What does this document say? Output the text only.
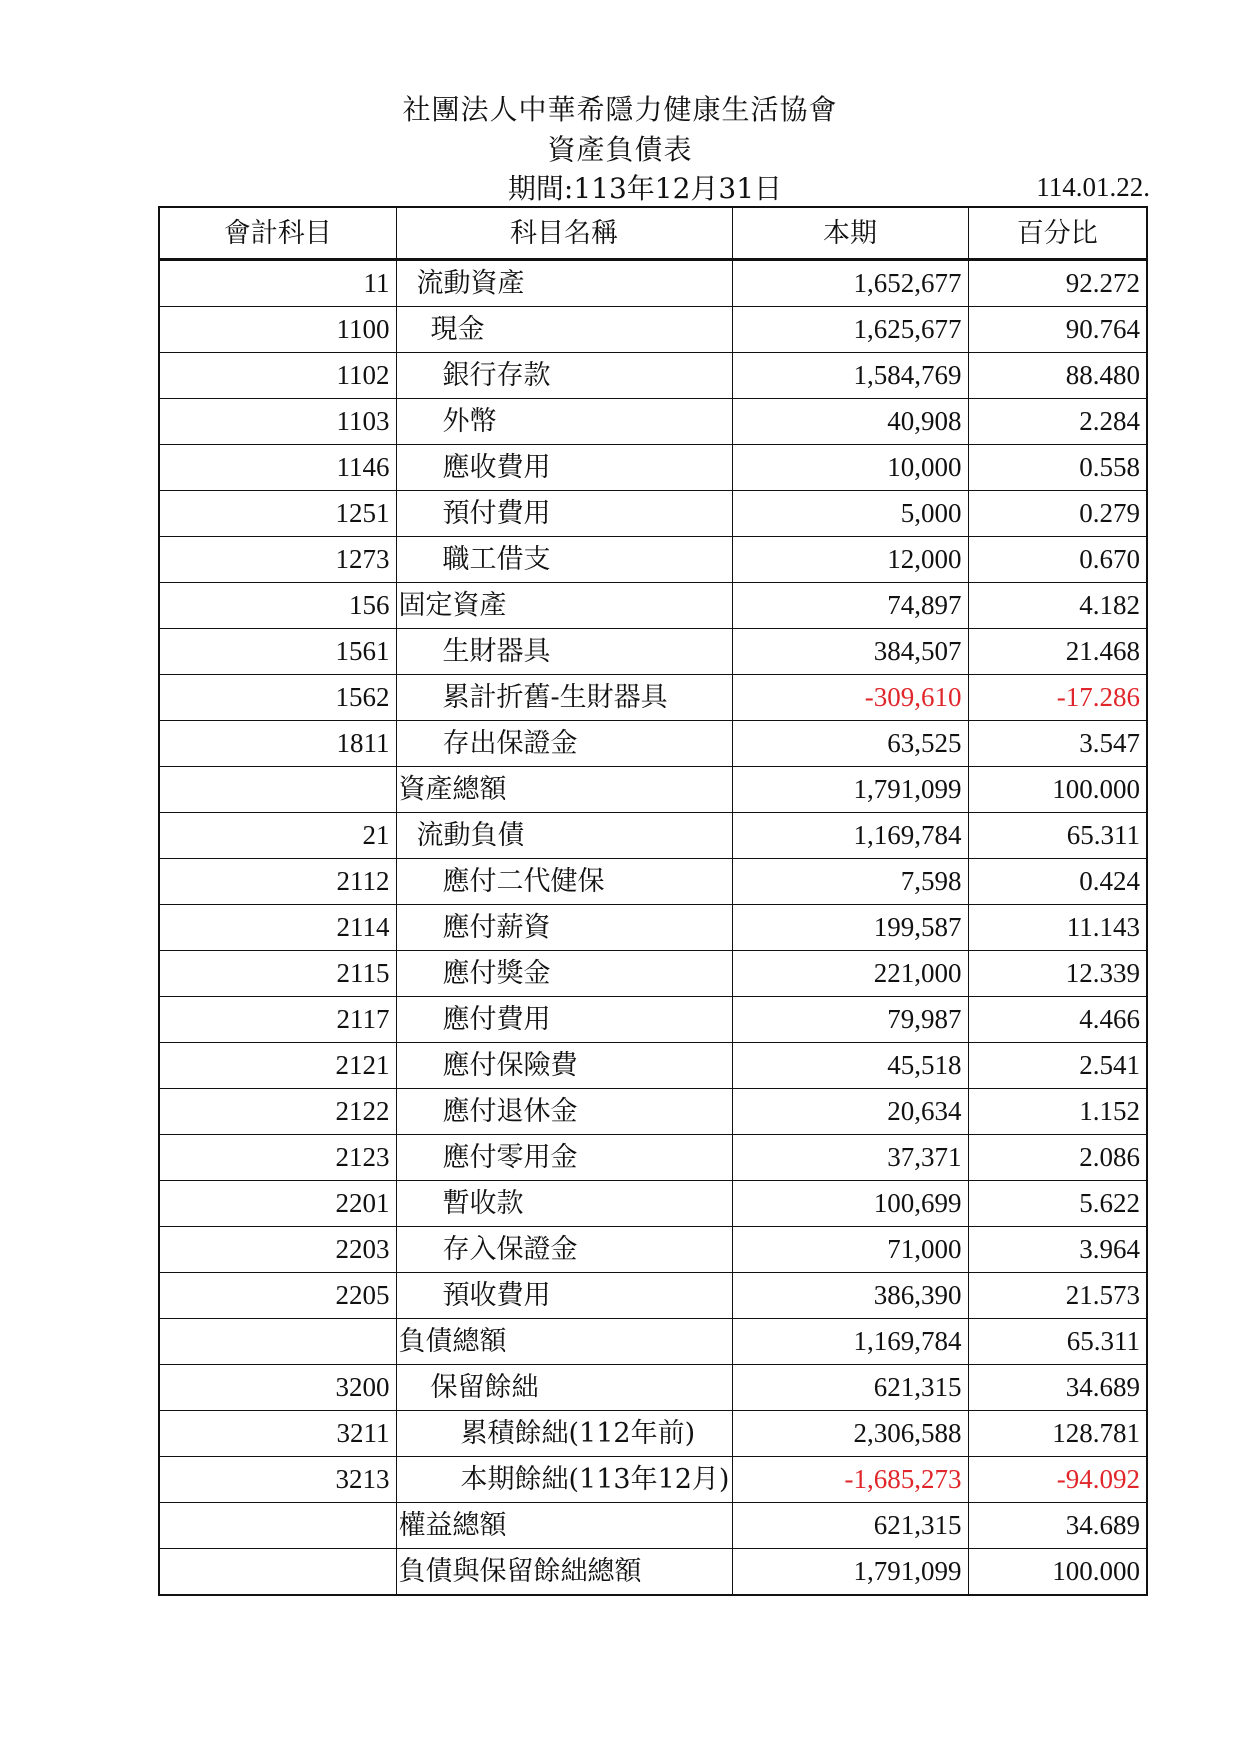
社團法人中華希隱力健康生活協會
資產負債表
期間:113年12月31日	114.01.22.
會計科目	科目名稱	本期	百分比
11	流動資產	1,652,677	92.272
1100	現金	1,625,677	90.764
1102	銀行存款	1,584,769	88.480
1103	外幣	40,908	2.284
1146	應收費用	10,000	0.558
1251	預付費用	5,000	0.279
1273	職工借支	12,000	0.670
156	固定資產	74,897	4.182
1561	生財器具	384,507	21.468
1562	累計折舊-生財器具	-309,610	-17.286
1811	存出保證金	63,525	3.547
	資產總額	1,791,099	100.000
21	流動負債	1,169,784	65.311
2112	應付二代健保	7,598	0.424
2114	應付薪資	199,587	11.143
2115	應付獎金	221,000	12.339
2117	應付費用	79,987	4.466
2121	應付保險費	45,518	2.541
2122	應付退休金	20,634	1.152
2123	應付零用金	37,371	2.086
2201	暫收款	100,699	5.622
2203	存入保證金	71,000	3.964
2205	預收費用	386,390	21.573
	負債總額	1,169,784	65.311
3200	保留餘絀	621,315	34.689
3211	累積餘絀(112年前)	2,306,588	128.781
3213	本期餘絀(113年12月)	-1,685,273	-94.092
	權益總額	621,315	34.689
	負債與保留餘絀總額	1,791,099	100.000
